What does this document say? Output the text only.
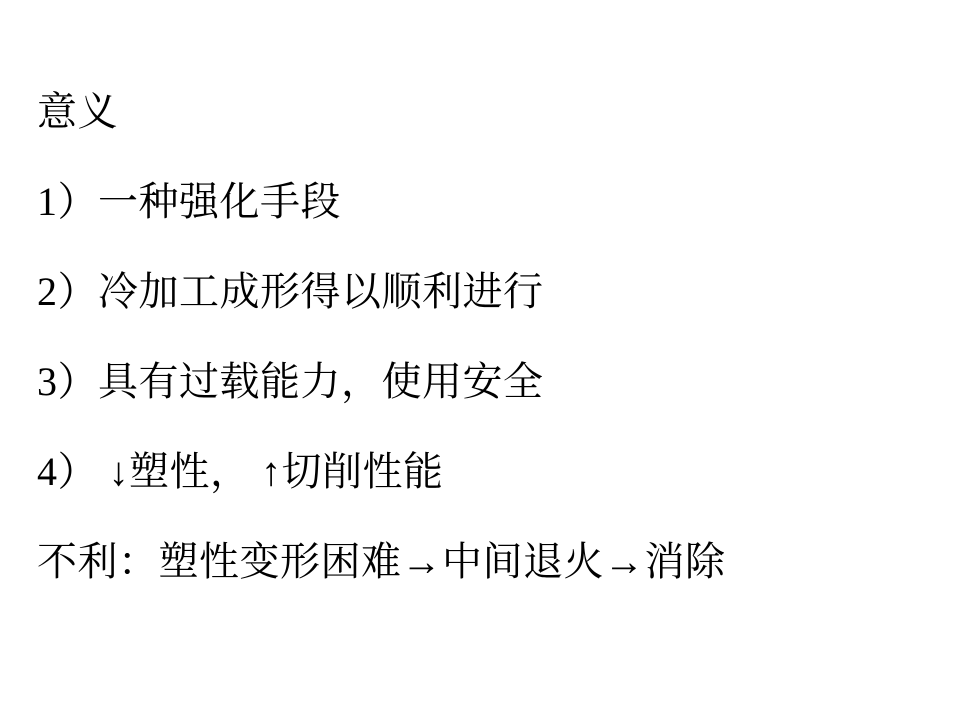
意义

1）一种强化手段

2）冷加工成形得以顺利进行

3）具有过载能力，使用安全

4） ↓塑性， ↑切削性能

不利：塑性变形困难→中间退火→消除
